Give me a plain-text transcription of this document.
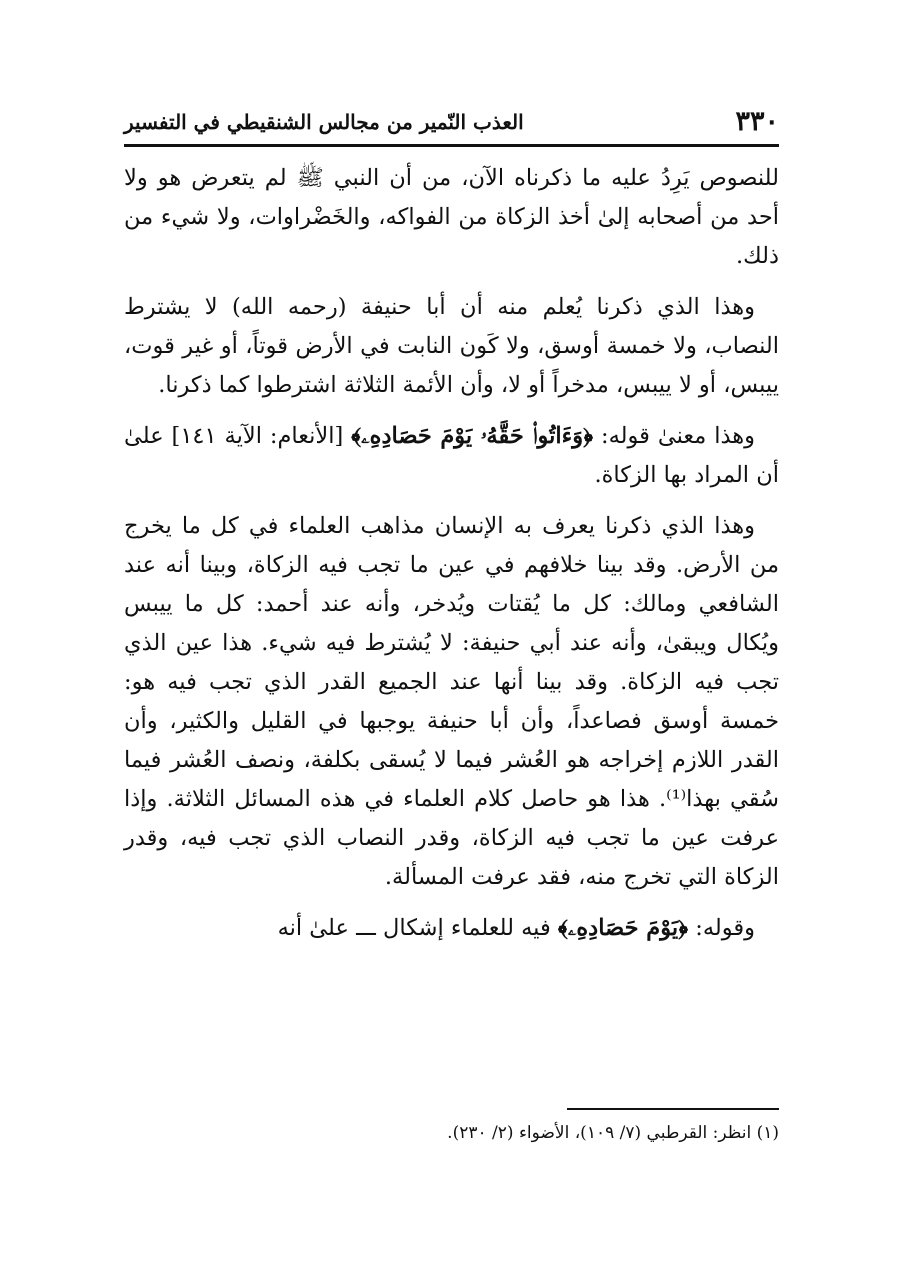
٣٣٠
العذب النّمير من مجالس الشنقيطي في التفسير

للنصوص يَرِدُ عليه ما ذكرناه الآن، من أن النبي ﷺ لم يتعرض هو ولا أحد من أصحابه إلىٰ أخذ الزكاة من الفواكه، والخَضْراوات، ولا شيء من ذلك.

وهذا الذي ذكرنا يُعلم منه أن أبا حنيفة (رحمه الله) لا يشترط النصاب، ولا خمسة أوسق، ولا كَون النابت في الأرض قوتاً، أو غير قوت، ييبس، أو لا ييبس، مدخراً أو لا، وأن الأئمة الثلاثة اشترطوا كما ذكرنا.

وهذا معنىٰ قوله: ﴿وَءَاتُوا۟ حَقَّهُۥ يَوْمَ حَصَادِهِۦ﴾ [الأنعام: الآية ١٤١] علىٰ أن المراد بها الزكاة.

وهذا الذي ذكرنا يعرف به الإنسان مذاهب العلماء في كل ما يخرج من الأرض. وقد بينا خلافهم في عين ما تجب فيه الزكاة، وبينا أنه عند الشافعي ومالك: كل ما يُقتات ويُدخر، وأنه عند أحمد: كل ما ييبس ويُكال ويبقىٰ، وأنه عند أبي حنيفة: لا يُشترط فيه شيء. هذا عين الذي تجب فيه الزكاة. وقد بينا أنها عند الجميع القدر الذي تجب فيه هو: خمسة أوسق فصاعداً، وأن أبا حنيفة يوجبها في القليل والكثير، وأن القدر اللازم إخراجه هو العُشر فيما لا يُسقى بكلفة، ونصف العُشر فيما سُقي بهذا⁽¹⁾. هذا هو حاصل كلام العلماء في هذه المسائل الثلاثة. وإذا عرفت عين ما تجب فيه الزكاة، وقدر النصاب الذي تجب فيه، وقدر الزكاة التي تخرج منه، فقد عرفت المسألة.

وقوله: ﴿يَوْمَ حَصَادِهِۦ﴾ فيه للعلماء إشكال ـــ علىٰ أنه

(١) انظر: القرطبي (٧/ ١٠٩)، الأضواء (٢/ ٢٣٠).
